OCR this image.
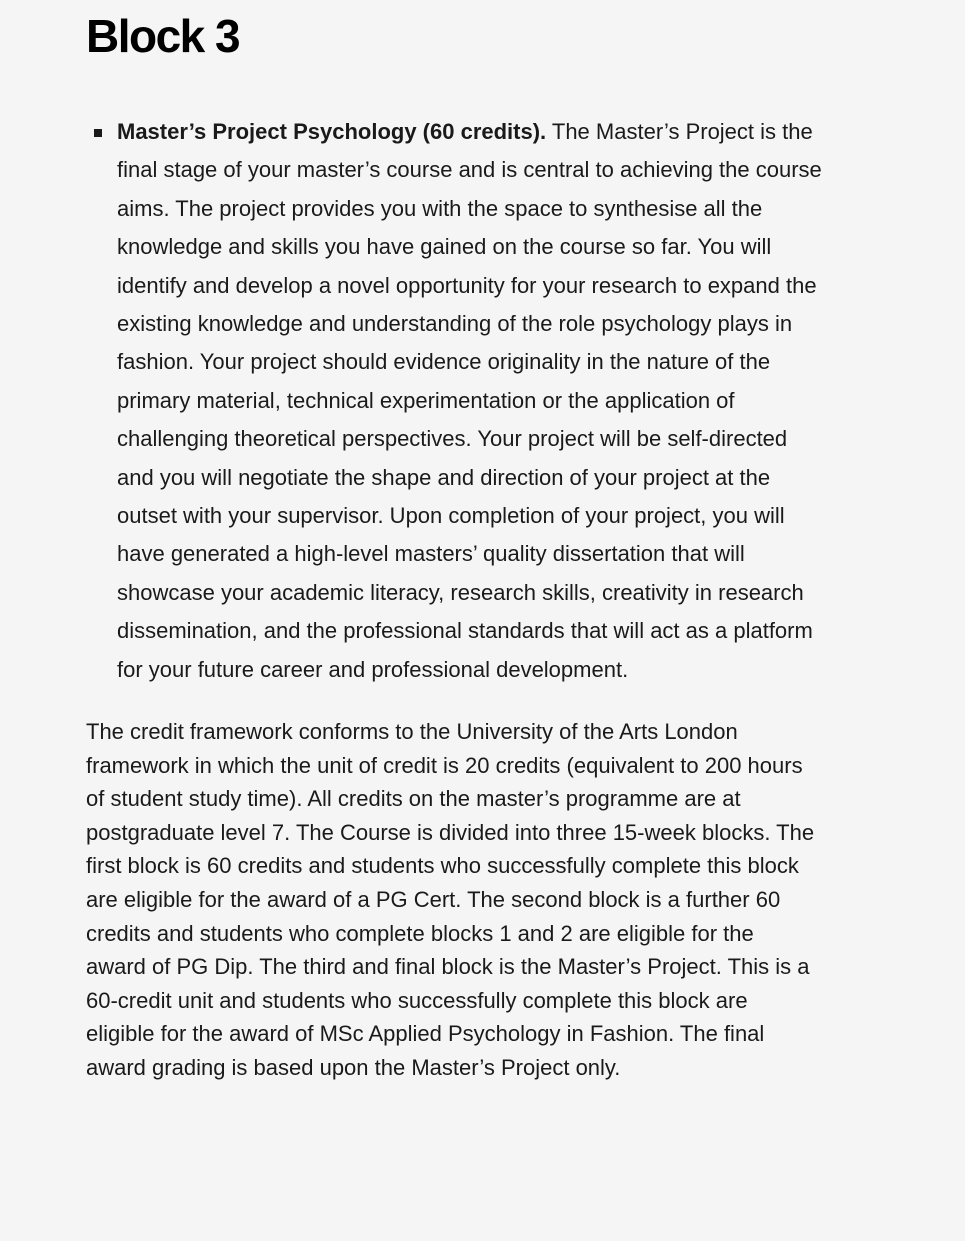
Block 3
Master’s Project Psychology (60 credits). The Master’s Project is the final stage of your master’s course and is central to achieving the course aims. The project provides you with the space to synthesise all the knowledge and skills you have gained on the course so far. You will identify and develop a novel opportunity for your research to expand the existing knowledge and understanding of the role psychology plays in fashion. Your project should evidence originality in the nature of the primary material, technical experimentation or the application of challenging theoretical perspectives. Your project will be self-directed and you will negotiate the shape and direction of your project at the outset with your supervisor. Upon completion of your project, you will have generated a high-level masters’ quality dissertation that will showcase your academic literacy, research skills, creativity in research dissemination, and the professional standards that will act as a platform for your future career and professional development.

The credit framework conforms to the University of the Arts London framework in which the unit of credit is 20 credits (equivalent to 200 hours of student study time). All credits on the master’s programme are at postgraduate level 7. The Course is divided into three 15-week blocks. The first block is 60 credits and students who successfully complete this block are eligible for the award of a PG Cert. The second block is a further 60 credits and students who complete blocks 1 and 2 are eligible for the award of PG Dip. The third and final block is the Master’s Project. This is a 60-credit unit and students who successfully complete this block are eligible for the award of MSc Applied Psychology in Fashion. The final award grading is based upon the Master’s Project only.
